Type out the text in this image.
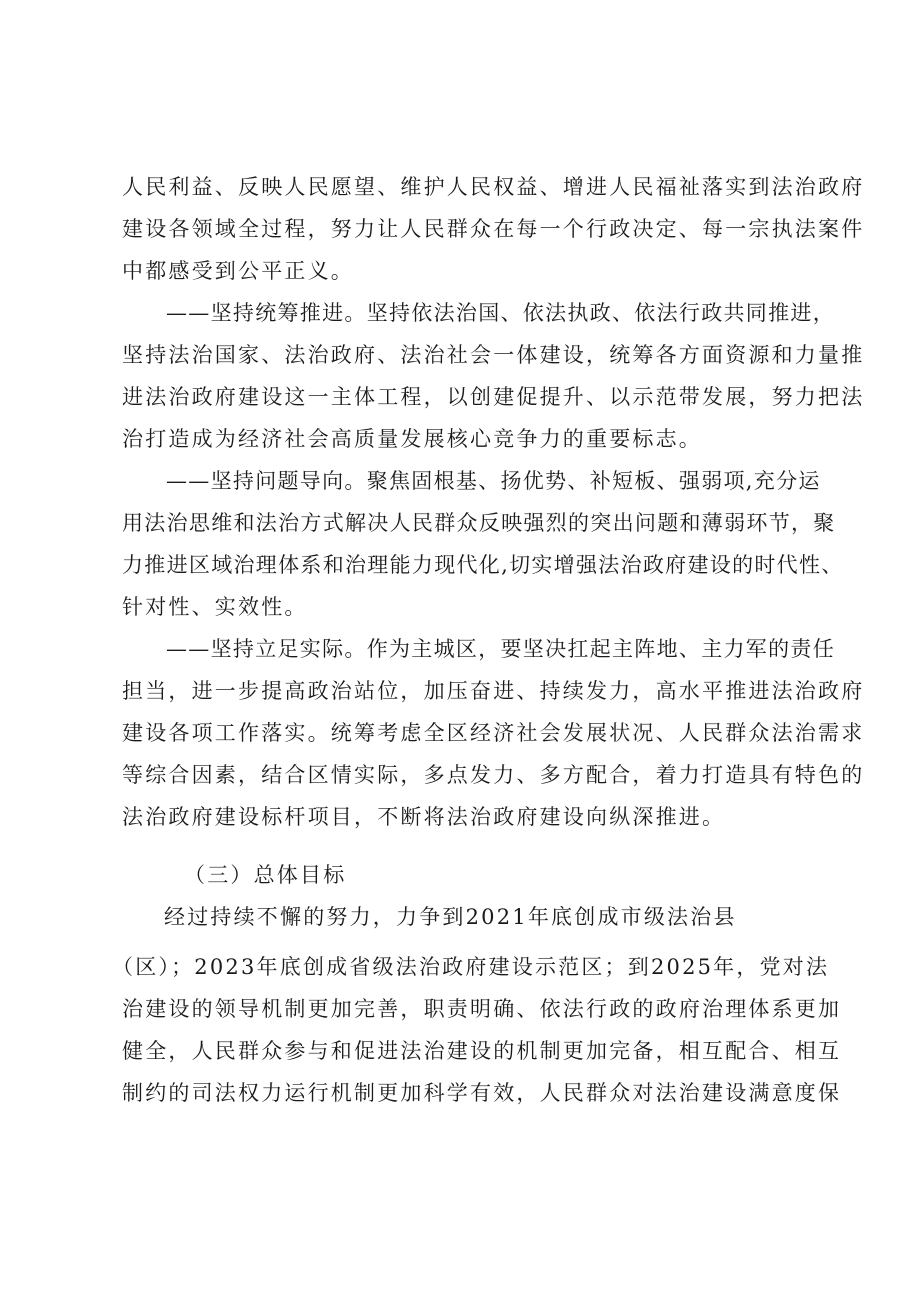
人民利益、反映人民愿望、维护人民权益、增进人民福祉落实到法治政府
建设各领域全过程，努力让人民群众在每一个行政决定、每一宗执法案件
中都感受到公平正义。
——坚持统筹推进。坚持依法治国、依法执政、依法行政共同推进，
坚持法治国家、法治政府、法治社会一体建设，统筹各方面资源和力量推
进法治政府建设这一主体工程，以创建促提升、以示范带发展，努力把法
治打造成为经济社会高质量发展核心竞争力的重要标志。
——坚持问题导向。聚焦固根基、扬优势、补短板、强弱项,充分运
用法治思维和法治方式解决人民群众反映强烈的突出问题和薄弱环节，聚
力推进区域治理体系和治理能力现代化,切实增强法治政府建设的时代性、
针对性、实效性。
——坚持立足实际。作为主城区，要坚决扛起主阵地、主力军的责任
担当，进一步提高政治站位，加压奋进、持续发力，高水平推进法治政府
建设各项工作落实。统筹考虑全区经济社会发展状况、人民群众法治需求
等综合因素，结合区情实际，多点发力、多方配合，着力打造具有特色的
法治政府建设标杆项目，不断将法治政府建设向纵深推进。
（三）总体目标
经过持续不懈的努力，力争到2021年底创成市级法治县
（区）；2023年底创成省级法治政府建设示范区；到2025年，党对法
治建设的领导机制更加完善，职责明确、依法行政的政府治理体系更加
健全，人民群众参与和促进法治建设的机制更加完备，相互配合、相互
制约的司法权力运行机制更加科学有效，人民群众对法治建设满意度保
